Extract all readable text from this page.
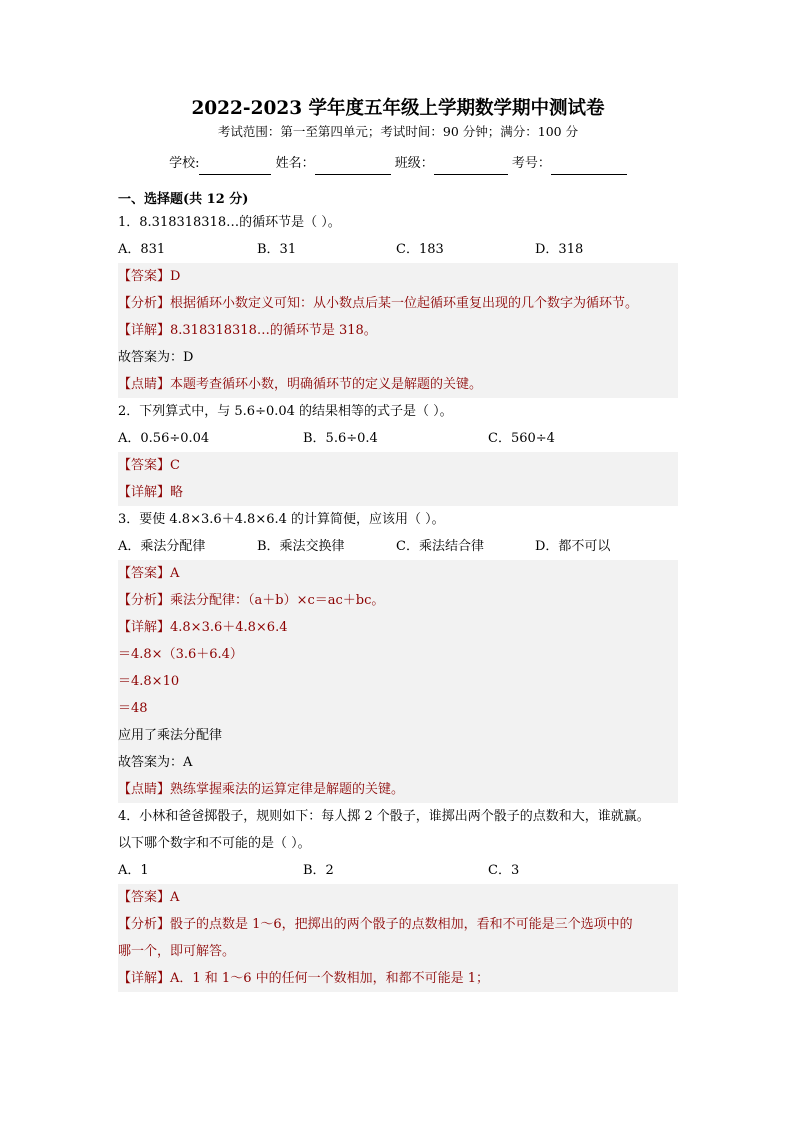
2022-2023 学年度五年级上学期数学期中测试卷
考试范围：第一至第四单元；考试时间：90 分钟；满分：100 分
学校:	姓名：	班级：	考号：
一、选择题(共 12 分)
1．8.318318318…的循环节是（ ）。
A．831	B．31	C．183	D．318
【答案】D
【分析】根据循环小数定义可知：从小数点后某一位起循环重复出现的几个数字为循环节。
【详解】8.318318318…的循环节是 318。
故答案为：D
【点睛】本题考查循环小数，明确循环节的定义是解题的关键。
2．下列算式中，与 5.6÷0.04 的结果相等的式子是（ ）。
A．0.56÷0.04	B．5.6÷0.4	C．560÷4
【答案】C
【详解】略
3．要使 4.8×3.6＋4.8×6.4 的计算简便，应该用（ ）。
A．乘法分配律	B．乘法交换律	C．乘法结合律	D．都不可以
【答案】A
【分析】乘法分配律：（a＋b）×c＝ac＋bc。
【详解】4.8×3.6＋4.8×6.4
＝4.8×（3.6＋6.4）
＝4.8×10
＝48
应用了乘法分配律
故答案为：A
【点睛】熟练掌握乘法的运算定律是解题的关键。
4．小林和爸爸掷骰子，规则如下：每人掷 2 个骰子，谁掷出两个骰子的点数和大，谁就赢。
以下哪个数字和不可能的是（ ）。
A．1	B．2	C．3
【答案】A
【分析】骰子的点数是 1～6，把掷出的两个骰子的点数相加，看和不可能是三个选项中的
哪一个，即可解答。
【详解】A．1 和 1～6 中的任何一个数相加，和都不可能是 1；
